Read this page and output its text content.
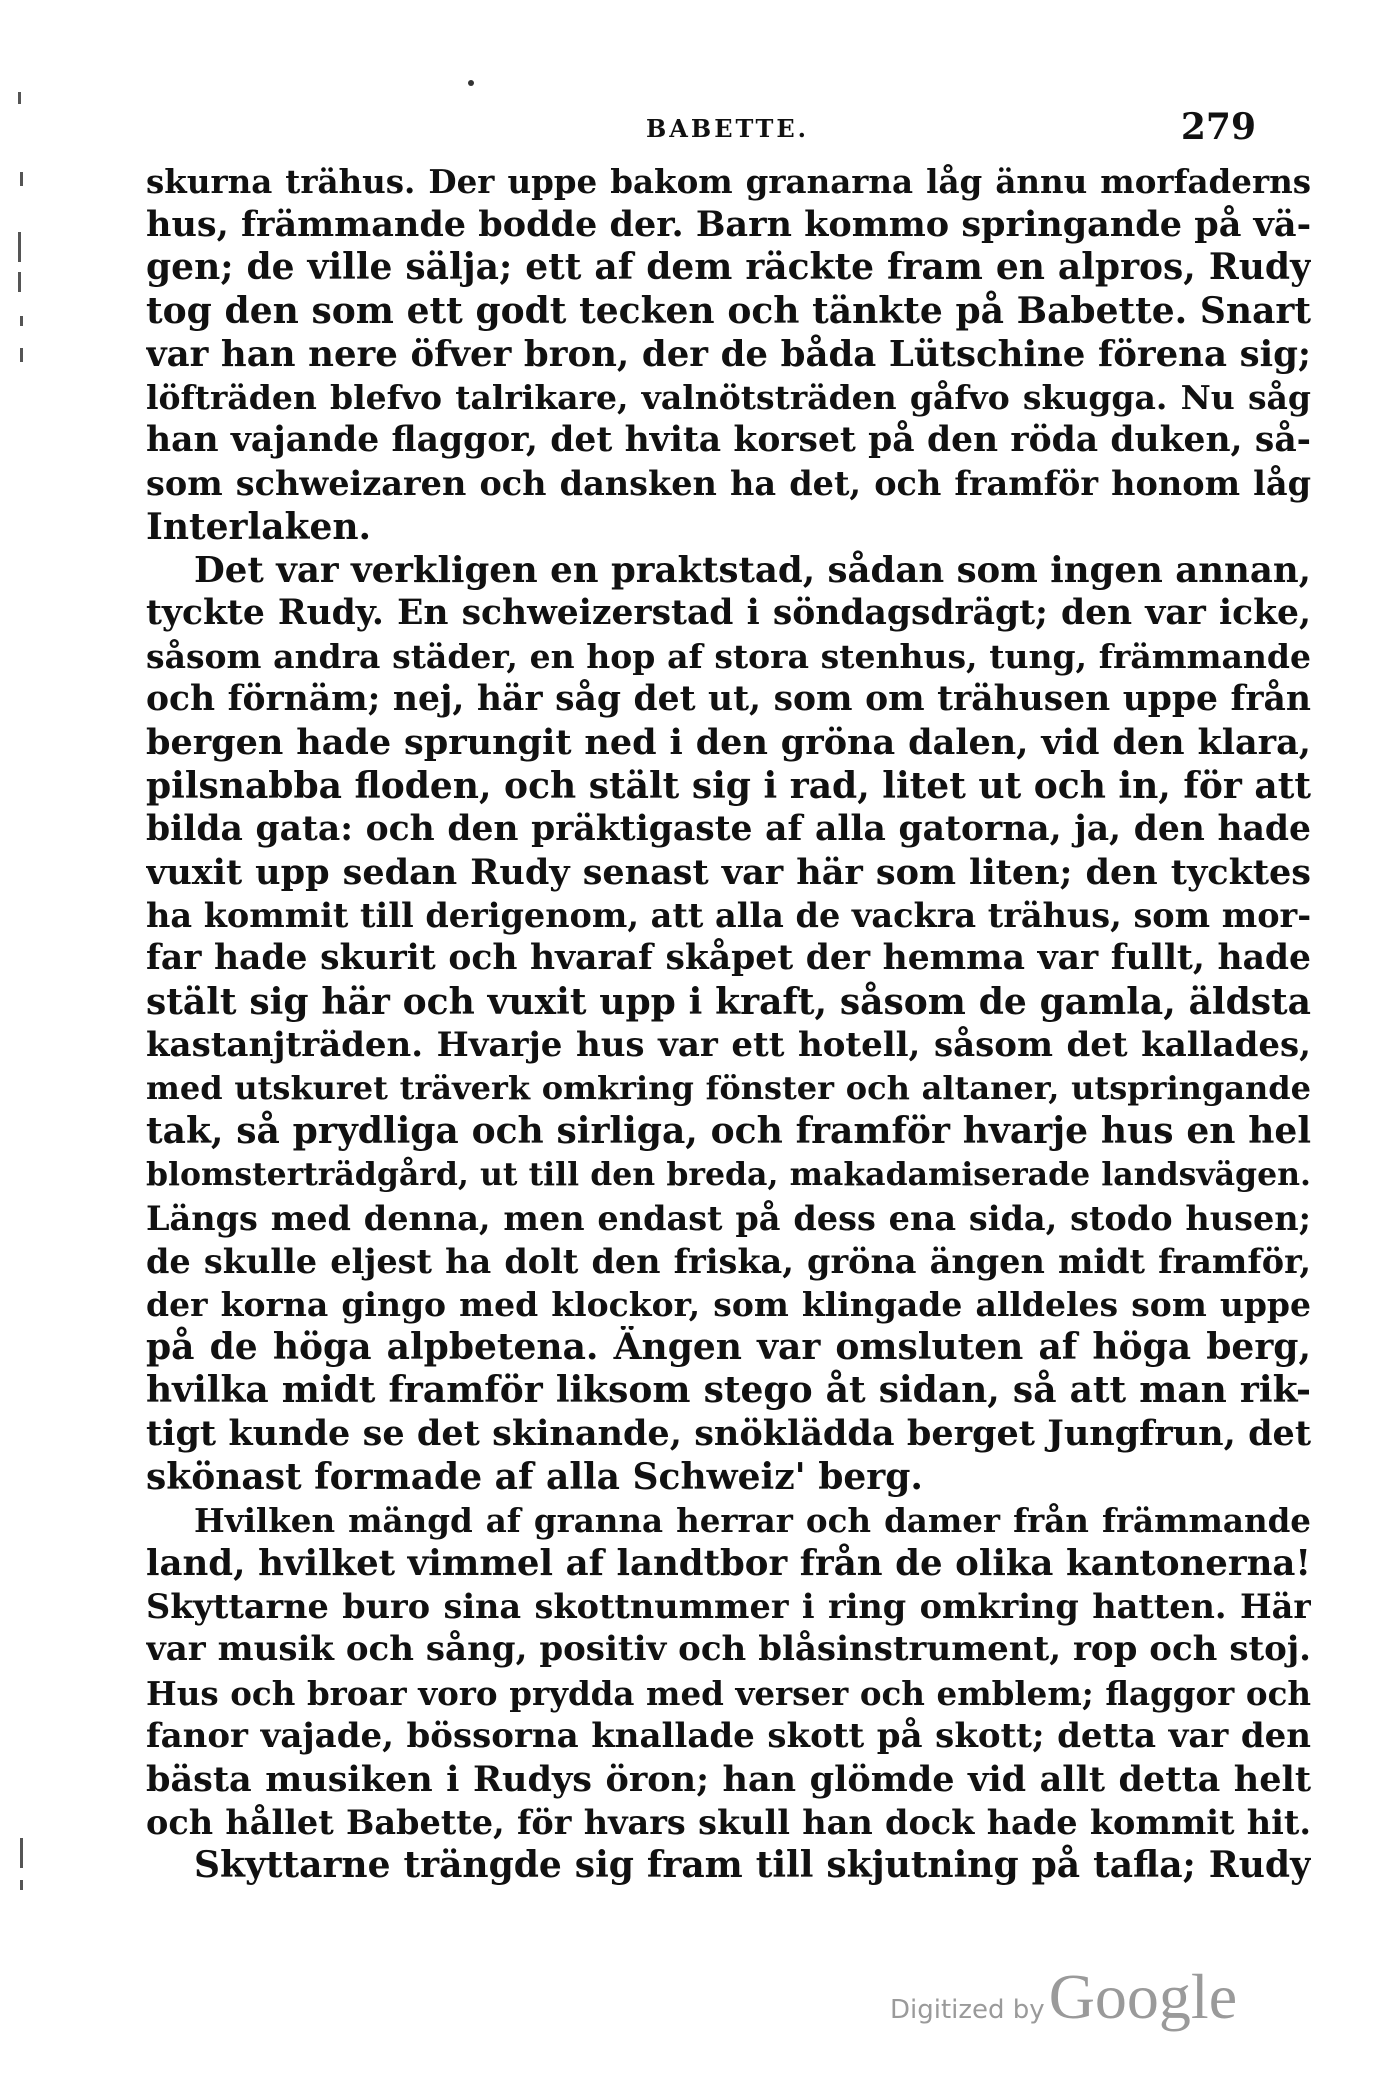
BABETTE.	279
skurna trähus. Der uppe bakom granarna låg ännu morfaderns
hus, främmande bodde der. Barn kommo springande på vä-
gen; de ville sälja; ett af dem räckte fram en alpros, Rudy
tog den som ett godt tecken och tänkte på Babette. Snart
var han nere öfver bron, der de båda Lütschine förena sig;
löfträden blefvo talrikare, valnötsträden gåfvo skugga. Nu såg
han vajande flaggor, det hvita korset på den röda duken, så-
som schweizaren och dansken ha det, och framför honom låg
Interlaken.
Det var verkligen en praktstad, sådan som ingen annan,
tyckte Rudy. En schweizerstad i söndagsdrägt; den var icke,
såsom andra städer, en hop af stora stenhus, tung, främmande
och förnäm; nej, här såg det ut, som om trähusen uppe från
bergen hade sprungit ned i den gröna dalen, vid den klara,
pilsnabba floden, och stält sig i rad, litet ut och in, för att
bilda gata: och den präktigaste af alla gatorna, ja, den hade
vuxit upp sedan Rudy senast var här som liten; den tycktes
ha kommit till derigenom, att alla de vackra trähus, som mor-
far hade skurit och hvaraf skåpet der hemma var fullt, hade
stält sig här och vuxit upp i kraft, såsom de gamla, äldsta
kastanjträden. Hvarje hus var ett hotell, såsom det kallades,
med utskuret träverk omkring fönster och altaner, utspringande
tak, så prydliga och sirliga, och framför hvarje hus en hel
blomsterträdgård, ut till den breda, makadamiserade landsvägen.
Längs med denna, men endast på dess ena sida, stodo husen;
de skulle eljest ha dolt den friska, gröna ängen midt framför,
der korna gingo med klockor, som klingade alldeles som uppe
på de höga alpbetena. Ängen var omsluten af höga berg,
hvilka midt framför liksom stego åt sidan, så att man rik-
tigt kunde se det skinande, snöklädda berget Jungfrun, det
skönast formade af alla Schweiz' berg.
Hvilken mängd af granna herrar och damer från främmande
land, hvilket vimmel af landtbor från de olika kantonerna!
Skyttarne buro sina skottnummer i ring omkring hatten. Här
var musik och sång, positiv och blåsinstrument, rop och stoj.
Hus och broar voro prydda med verser och emblem; flaggor och
fanor vajade, bössorna knallade skott på skott; detta var den
bästa musiken i Rudys öron; han glömde vid allt detta helt
och hållet Babette, för hvars skull han dock hade kommit hit.
Skyttarne trängde sig fram till skjutning på tafla; Rudy
Digitized byGoogle
